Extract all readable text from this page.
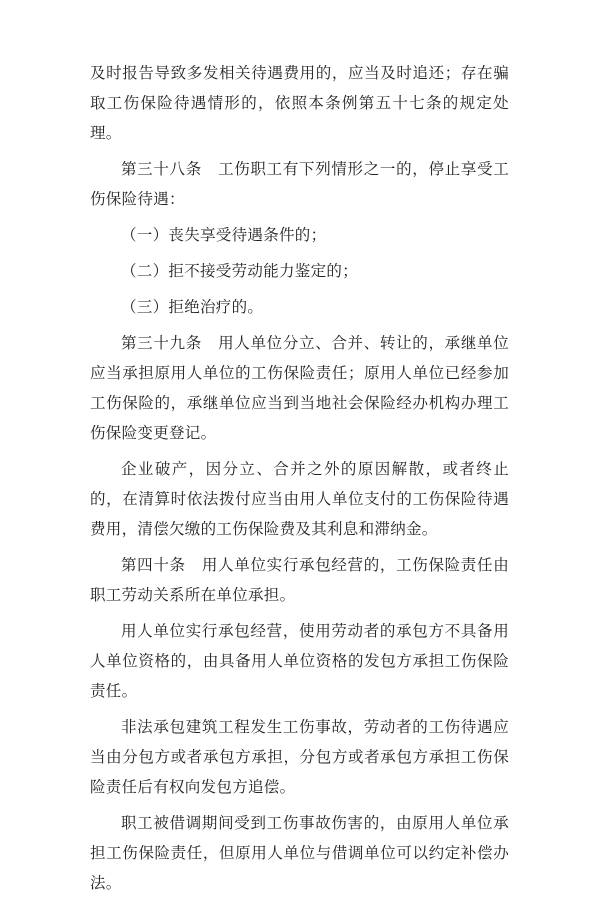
及时报告导致多发相关待遇费用的，应当及时追还；存在骗取工伤保险待遇情形的，依照本条例第五十七条的规定处理。

第三十八条　工伤职工有下列情形之一的，停止享受工伤保险待遇：

（一）丧失享受待遇条件的；

（二）拒不接受劳动能力鉴定的；

（三）拒绝治疗的。

第三十九条　用人单位分立、合并、转让的，承继单位应当承担原用人单位的工伤保险责任；原用人单位已经参加工伤保险的，承继单位应当到当地社会保险经办机构办理工伤保险变更登记。

企业破产，因分立、合并之外的原因解散，或者终止的，在清算时依法拨付应当由用人单位支付的工伤保险待遇费用，清偿欠缴的工伤保险费及其利息和滞纳金。

第四十条　用人单位实行承包经营的，工伤保险责任由职工劳动关系所在单位承担。

用人单位实行承包经营，使用劳动者的承包方不具备用人单位资格的，由具备用人单位资格的发包方承担工伤保险责任。

非法承包建筑工程发生工伤事故，劳动者的工伤待遇应当由分包方或者承包方承担，分包方或者承包方承担工伤保险责任后有权向发包方追偿。

职工被借调期间受到工伤事故伤害的，由原用人单位承担工伤保险责任，但原用人单位与借调单位可以约定补偿办法。
